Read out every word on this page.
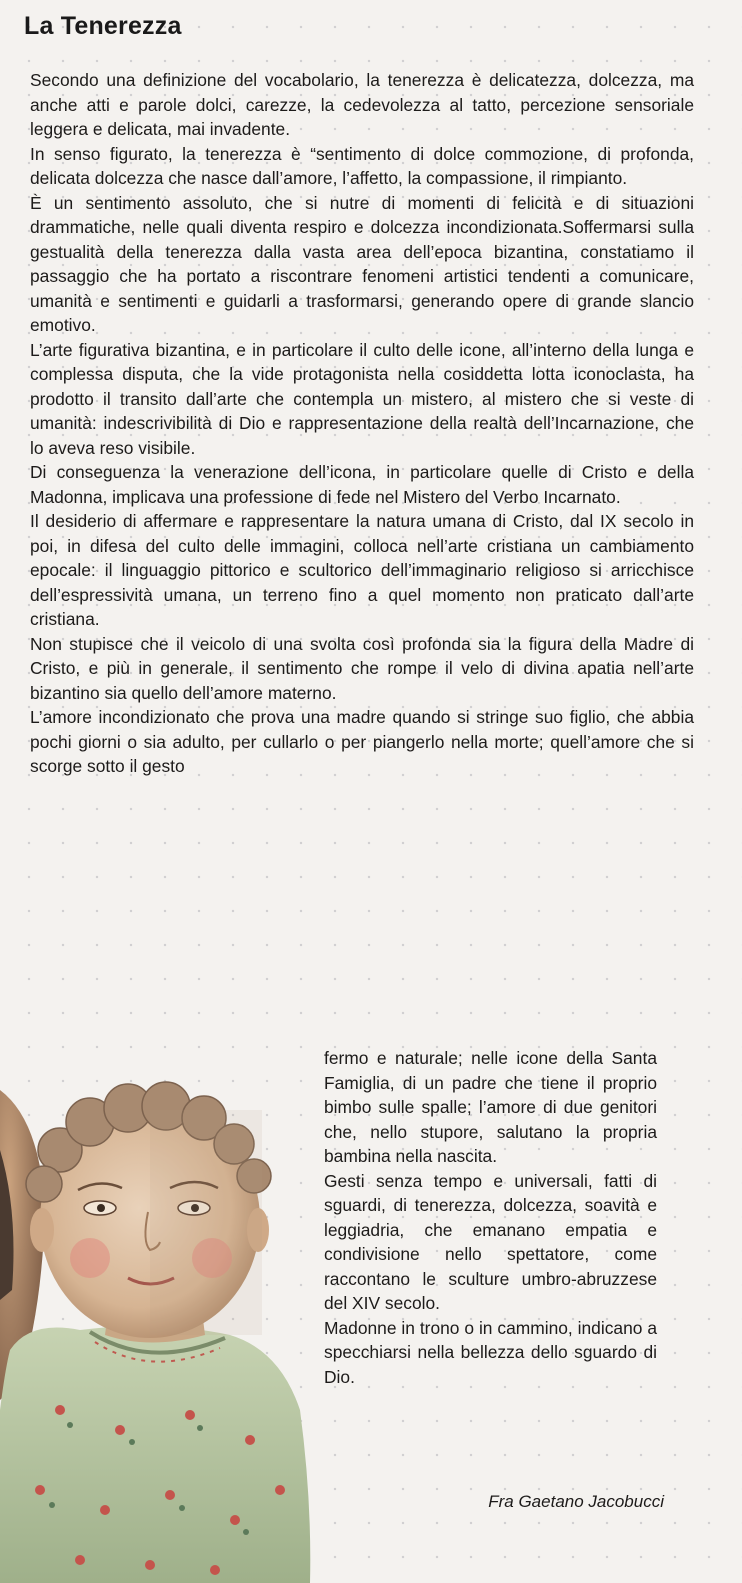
La Tenerezza

Secondo una definizione del vocabolario, la tenerezza è delicatezza, dolcezza, ma anche atti e parole dolci, carezze, la cedevolezza al tatto, percezione sensoriale leggera e delicata, mai invadente.

In senso figurato, la tenerezza è “sentimento di dolce commozione, di profonda, delicata dolcezza che nasce dall’amore, l’affetto, la compassione, il rimpianto.

È un sentimento assoluto, che si nutre di momenti di felicità e di situazioni drammatiche, nelle quali diventa respiro e dolcezza incondizionata.Soffermarsi sulla gestualità della tenerezza dalla vasta area dell’epoca bizantina, constatiamo il passaggio che ha portato a riscontrare fenomeni artistici tendenti a comunicare, umanità e sentimenti e guidarli a trasformarsi, generando opere di grande slancio emotivo.

L’arte figurativa bizantina, e in particolare il culto delle icone, all’interno della lunga e complessa disputa, che la vide protagonista nella cosiddetta lotta iconoclasta, ha prodotto il transito dall’arte che contempla un mistero, al mistero che si veste di umanità: indescrivibilità di Dio e rappresentazione della realtà dell’Incarnazione, che lo aveva reso visibile.

Di conseguenza la venerazione dell’icona, in particolare quelle di Cristo e della Madonna, implicava una professione di fede nel Mistero del Verbo Incarnato.

Il desiderio di affermare e rappresentare la natura umana di Cristo, dal IX secolo in poi, in difesa del culto delle immagini, colloca nell’arte cristiana un cambiamento epocale: il linguaggio pittorico e scultorico dell’immaginario religioso si arricchisce dell’espressività umana, un terreno fino a quel momento non praticato dall’arte cristiana.

Non stupisce che il veicolo di una svolta così profonda sia la figura della Madre di Cristo, e più in generale, il sentimento che rompe il velo di divina apatia nell’arte bizantino sia quello dell’amore materno.

L’amore incondizionato che prova una madre quando si stringe suo figlio, che abbia pochi giorni o sia adulto, per cullarlo o per piangerlo nella morte; quell’amore che si scorge sotto il gesto

fermo e naturale; nelle icone della Santa Famiglia, di un padre che tiene il proprio bimbo sulle spalle; l’amore di due genitori che, nello stupore, salutano la propria bambina nella nascita.

Gesti senza tempo e universali, fatti di sguardi, di tenerezza, dolcezza, soavità e leggiadria, che emanano empatia e condivisione nello spettatore, come raccontano le sculture umbro-abruzzese del XIV secolo.

Madonne in trono o in cammino, indicano a specchiarsi nella bellezza dello sguardo di Dio.

Fra Gaetano Jacobucci
